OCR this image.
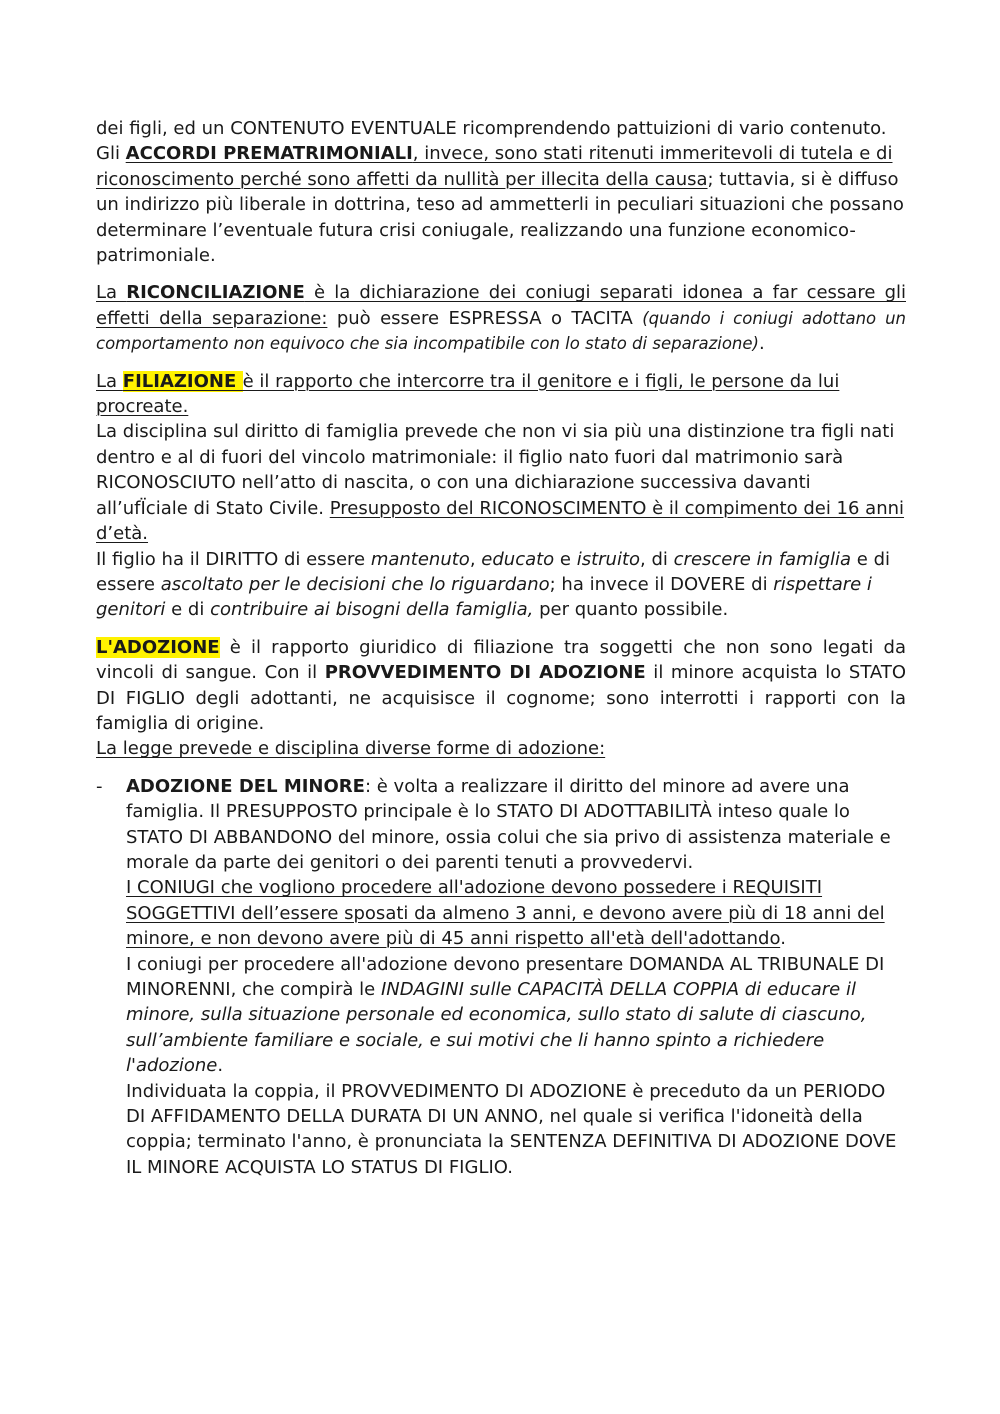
dei figli, ed un CONTENUTO EVENTUALE ricomprendendo pattuizioni di vario contenuto.

Gli ACCORDI PREMATRIMONIALI, invece, sono stati ritenuti immeritevoli di tutela e di riconoscimento perché sono affetti da nullità per illecita della causa; tuttavia, si è diffuso un indirizzo più liberale in dottrina, teso ad ammetterli in peculiari situazioni che possano determinare l’eventuale futura crisi coniugale, realizzando una funzione economico-patrimoniale.

La RICONCILIAZIONE è la dichiarazione dei coniugi separati idonea a far cessare gli effetti della separazione: può essere ESPRESSA o TACITA (quando i coniugi adottano un comportamento non equivoco che sia incompatibile con lo stato di separazione).

La FILIAZIONE è il rapporto che intercorre tra il genitore e i figli, le persone da lui procreate.

La disciplina sul diritto di famiglia prevede che non vi sia più una distinzione tra figli nati dentro e al di fuori del vincolo matrimoniale: il figlio nato fuori dal matrimonio sarà RICONOSCIUTO nell’atto di nascita, o con una dichiarazione successiva davanti all’ufÏciale di Stato Civile. Presupposto del RICONOSCIMENTO è il compimento dei 16 anni d’età.

Il figlio ha il DIRITTO di essere mantenuto, educato e istruito, di crescere in famiglia e di essere ascoltato per le decisioni che lo riguardano; ha invece il DOVERE di rispettare i genitori e di contribuire ai bisogni della famiglia, per quanto possibile.

L'ADOZIONE è il rapporto giuridico di filiazione tra soggetti che non sono legati da vincoli di sangue. Con il PROVVEDIMENTO DI ADOZIONE il minore acquista lo STATO DI FIGLIO degli adottanti, ne acquisisce il cognome; sono interrotti i rapporti con la famiglia di origine.

La legge prevede e disciplina diverse forme di adozione:

- ADOZIONE DEL MINORE: è volta a realizzare il diritto del minore ad avere una famiglia. Il PRESUPPOSTO principale è lo STATO DI ADOTTABILITÀ inteso quale lo STATO DI ABBANDONO del minore, ossia colui che sia privo di assistenza materiale e morale da parte dei genitori o dei parenti tenuti a provvedervi.

I CONIUGI che vogliono procedere all'adozione devono possedere i REQUISITI SOGGETTIVI dell’essere sposati da almeno 3 anni, e devono avere più di 18 anni del minore, e non devono avere più di 45 anni rispetto all'età dell'adottando.

I coniugi per procedere all'adozione devono presentare DOMANDA AL TRIBUNALE DI MINORENNI, che compirà le INDAGINI sulle CAPACITÀ DELLA COPPIA di educare il minore, sulla situazione personale ed economica, sullo stato di salute di ciascuno, sull’ambiente familiare e sociale, e sui motivi che li hanno spinto a richiedere l'adozione.

Individuata la coppia, il PROVVEDIMENTO DI ADOZIONE è preceduto da un PERIODO DI AFFIDAMENTO DELLA DURATA DI UN ANNO, nel quale si verifica l'idoneità della coppia; terminato l'anno, è pronunciata la SENTENZA DEFINITIVA DI ADOZIONE DOVE IL MINORE ACQUISTA LO STATUS DI FIGLIO.
